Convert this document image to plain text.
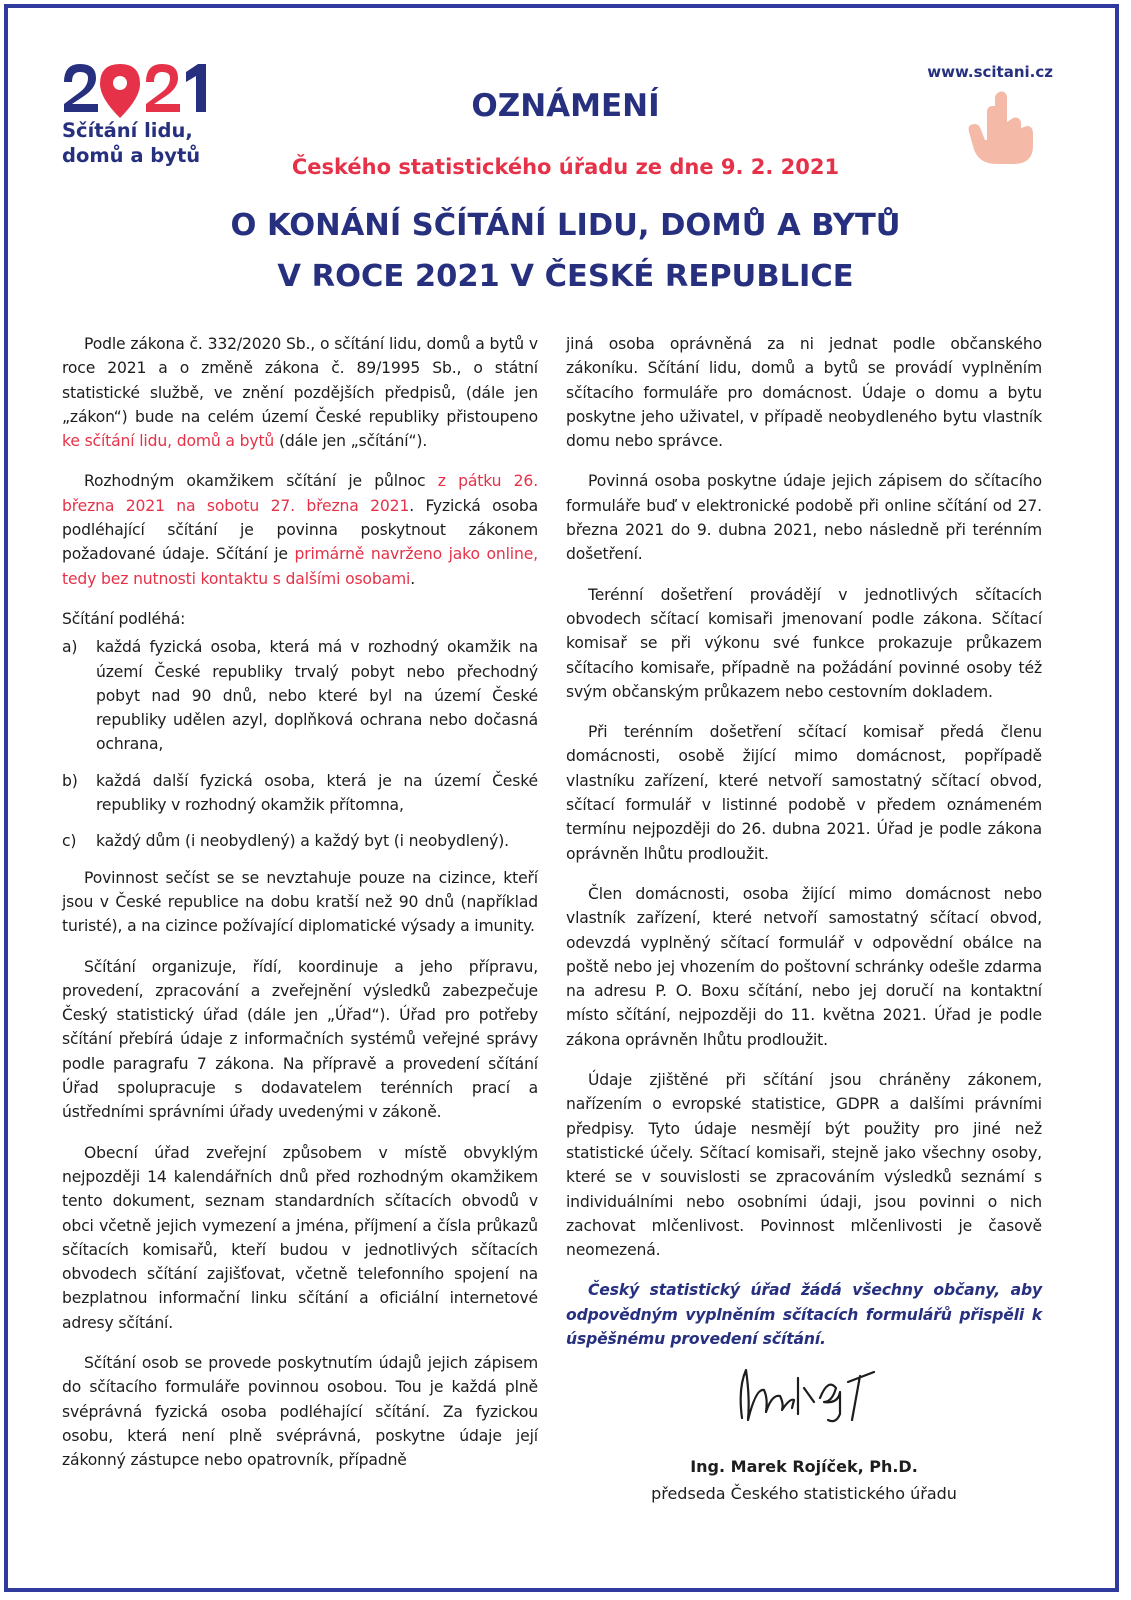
Sčítání lidu,
domů a bytů
www.scitani.cz
OZNÁMENÍ
Českého statistického úřadu ze dne 9. 2. 2021
O KONÁNÍ SČÍTÁNÍ LIDU, DOMŮ A BYTŮ
V ROCE 2021 V ČESKÉ REPUBLICE

Podle zákona č. 332/2020 Sb., o sčítání lidu, domů a bytů v roce 2021 a o změně zákona č. 89/1995 Sb., o státní statistické službě, ve znění pozdějších předpisů, (dále jen „zákon“) bude na celém území České republiky přistoupeno ke sčítání lidu, domů a bytů (dále jen „sčítání“).

Rozhodným okamžikem sčítání je půlnoc z pátku 26. března 2021 na sobotu 27. března 2021. Fyzická osoba podléhající sčítání je povinna poskytnout zákonem požadované údaje. Sčítání je primárně navrženo jako online, tedy bez nutnosti kontaktu s dalšími osobami.

Sčítání podléhá:

a)	každá fyzická osoba, která má v rozhodný okamžik na území České republiky trvalý pobyt nebo přechodný pobyt nad 90 dnů, nebo které byl na území České republiky udělen azyl, doplňková ochrana nebo dočasná ochrana,
b)	každá další fyzická osoba, která je na území České republiky v rozhodný okamžik přítomna,
c)	každý dům (i neobydlený) a každý byt (i neobydlený).

Povinnost sečíst se se nevztahuje pouze na cizince, kteří jsou v České republice na dobu kratší než 90 dnů (například turisté), a na cizince požívající diplomatické výsady a imunity.

Sčítání organizuje, řídí, koordinuje a jeho přípravu, provedení, zpracování a zveřejnění výsledků zabezpečuje Český statistický úřad (dále jen „Úřad“). Úřad pro potřeby sčítání přebírá údaje z informačních systémů veřejné správy podle paragrafu 7 zákona. Na přípravě a provedení sčítání Úřad spolupracuje s dodavatelem terénních prací a ústředními správními úřady uvedenými v zákoně.

Obecní úřad zveřejní způsobem v místě obvyklým nejpozději 14 kalendářních dnů před rozhodným okamžikem tento dokument, seznam standardních sčítacích obvodů v obci včetně jejich vymezení a jména, příjmení a čísla průkazů sčítacích komisařů, kteří budou v jednotlivých sčítacích obvodech sčítání zajišťovat, včetně telefonního spojení na bezplatnou informační linku sčítání a oficiální internetové adresy sčítání.

Sčítání osob se provede poskytnutím údajů jejich zápisem do sčítacího formuláře povinnou osobou. Tou je každá plně svéprávná fyzická osoba podléhající sčítání. Za fyzickou osobu, která není plně svéprávná, poskytne údaje její zákonný zástupce nebo opatrovník, případně

jiná osoba oprávněná za ni jednat podle občanského zákoníku. Sčítání lidu, domů a bytů se provádí vyplněním sčítacího formuláře pro domácnost. Údaje o domu a bytu poskytne jeho uživatel, v případě neobydleného bytu vlastník domu nebo správce.

Povinná osoba poskytne údaje jejich zápisem do sčítacího formuláře buď v elektronické podobě při online sčítání od 27. března 2021 do 9. dubna 2021, nebo následně při terénním došetření.

Terénní došetření provádějí v jednotlivých sčítacích obvodech sčítací komisaři jmenovaní podle zákona. Sčítací komisař se při výkonu své funkce prokazuje průkazem sčítacího komisaře, případně na požádání povinné osoby též svým občanským průkazem nebo cestovním dokladem.

Při terénním došetření sčítací komisař předá členu domácnosti, osobě žijící mimo domácnost, popřípadě vlastníku zařízení, které netvoří samostatný sčítací obvod, sčítací formulář v listinné podobě v předem oznámeném termínu nejpozději do 26. dubna 2021. Úřad je podle zákona oprávněn lhůtu prodloužit.

Člen domácnosti, osoba žijící mimo domácnost nebo vlastník zařízení, které netvoří samostatný sčítací obvod, odevzdá vyplněný sčítací formulář v odpovědní obálce na poště nebo jej vhozením do poštovní schránky odešle zdarma na adresu P. O. Boxu sčítání, nebo jej doručí na kontaktní místo sčítání, nejpozději do 11. května 2021. Úřad je podle zákona oprávněn lhůtu prodloužit.

Údaje zjištěné při sčítání jsou chráněny zákonem, nařízením o evropské statistice, GDPR a dalšími právními předpisy. Tyto údaje nesmějí být použity pro jiné než statistické účely. Sčítací komisaři, stejně jako všechny osoby, které se v souvislosti se zpracováním výsledků seznámí s individuálními nebo osobními údaji, jsou povinni o nich zachovat mlčenlivost. Povinnost mlčenlivosti je časově neomezená.

Český statistický úřad žádá všechny občany, aby odpovědným vyplněním sčítacích formulářů přispěli k úspěšnému provedení sčítání.

Ing. Marek Rojíček, Ph.D.
předseda Českého statistického úřadu
